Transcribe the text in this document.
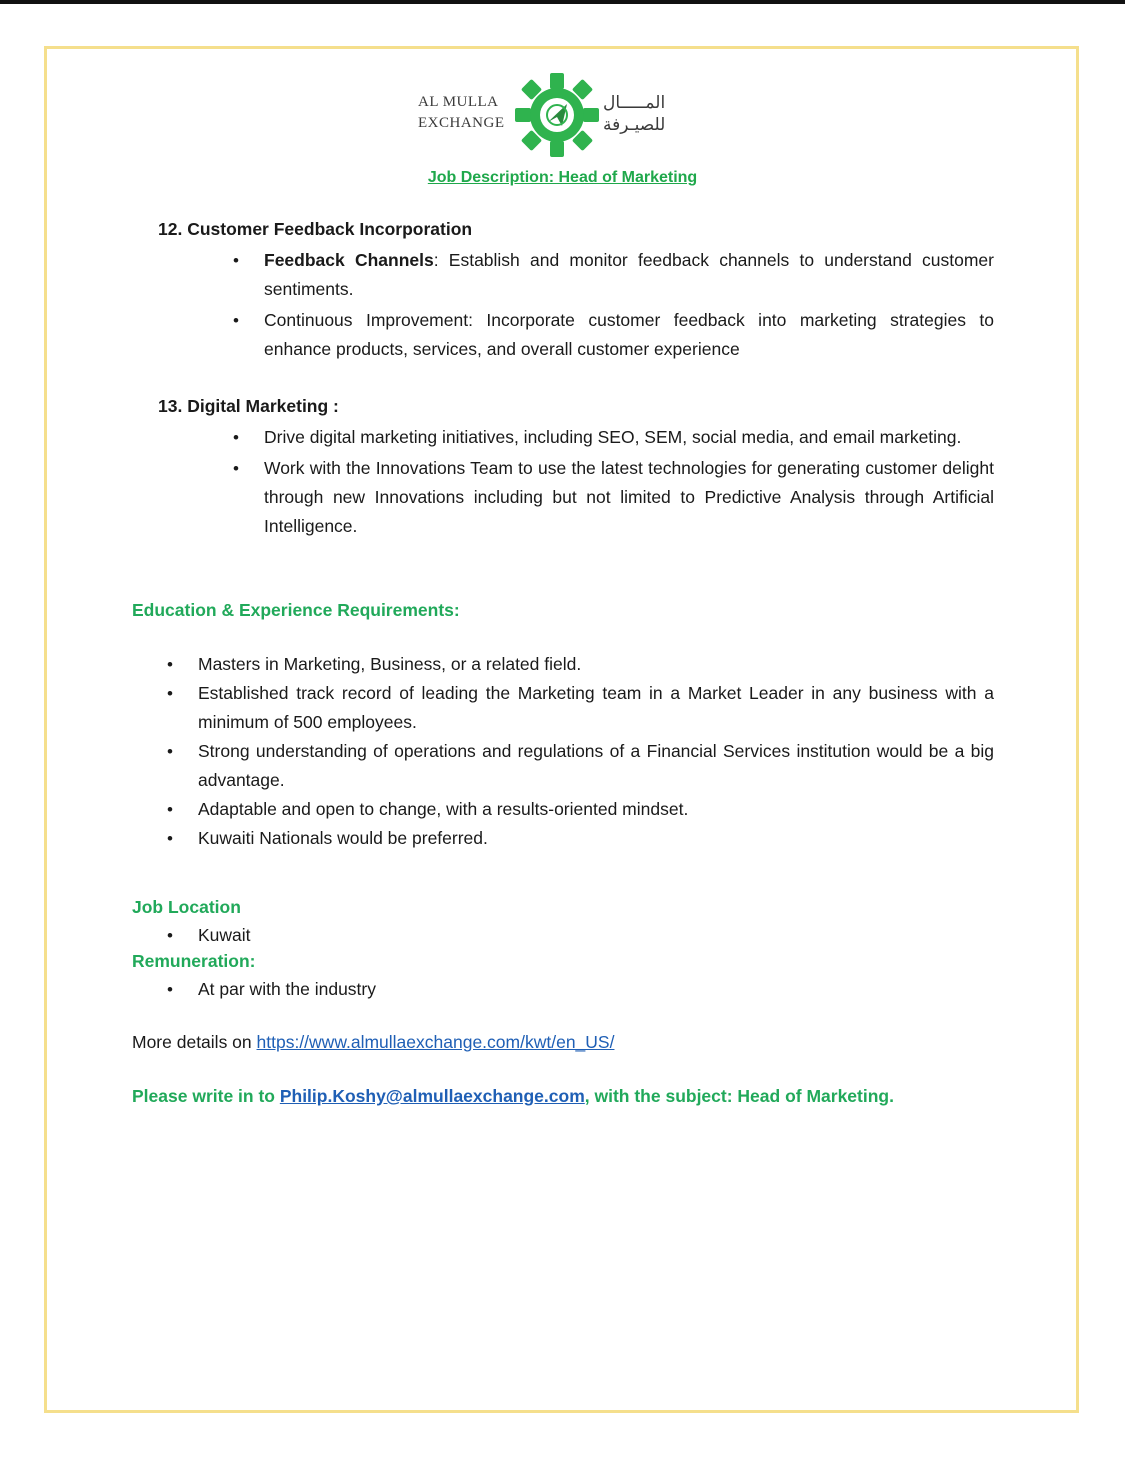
AL MULLA
EXCHANGE
المـــــال
للصيـرفة
Job Description: Head of Marketing
12. Customer Feedback Incorporation
• Feedback Channels: Establish and monitor feedback channels to understand customer sentiments.
• Continuous Improvement: Incorporate customer feedback into marketing strategies to enhance products, services, and overall customer experience
13. Digital Marketing :
• Drive digital marketing initiatives, including SEO, SEM, social media, and email marketing.
• Work with the Innovations Team to use the latest technologies for generating customer delight through new Innovations including but not limited to Predictive Analysis through Artificial Intelligence.
Education & Experience Requirements:
• Masters in Marketing, Business, or a related field.
• Established track record of leading the Marketing team in a Market Leader in any business with a minimum of 500 employees.
• Strong understanding of operations and regulations of a Financial Services institution would be a big advantage.
• Adaptable and open to change, with a results-oriented mindset.
• Kuwaiti Nationals would be preferred.
Job Location
• Kuwait
Remuneration:
• At par with the industry
More details on https://www.almullaexchange.com/kwt/en_US/
Please write in to Philip.Koshy@almullaexchange.com, with the subject: Head of Marketing.
